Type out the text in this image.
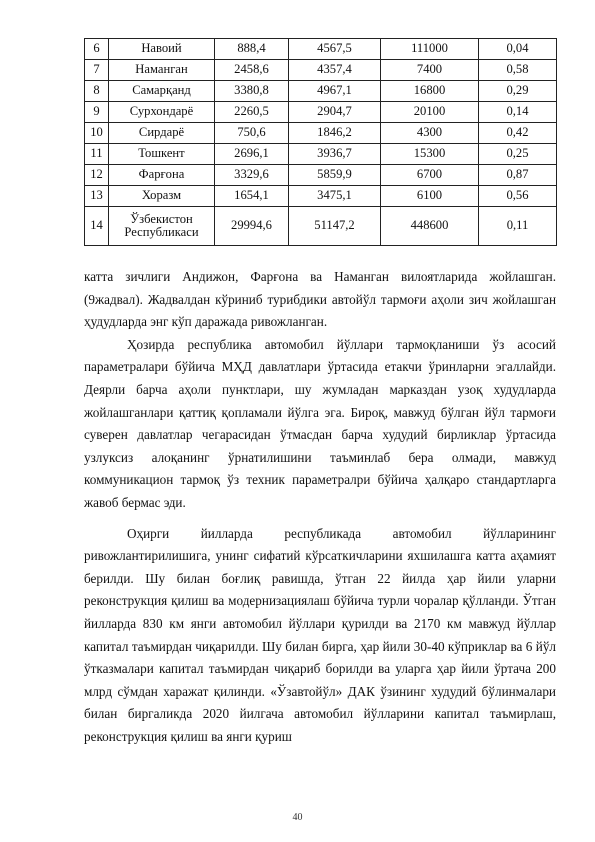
6	Навоий	888,4	4567,5	111000	0,04
7	Наманган	2458,6	4357,4	7400	0,58
8	Самарқанд	3380,8	4967,1	16800	0,29
9	Сурхондарё	2260,5	2904,7	20100	0,14
10	Сирдарё	750,6	1846,2	4300	0,42
11	Тошкент	2696,1	3936,7	15300	0,25
12	Фарғона	3329,6	5859,9	6700	0,87
13	Хоразм	1654,1	3475,1	6100	0,56
14	Ўзбекистон Республикаси	29994,6	51147,2	448600	0,11

катта зичлиги Андижон, Фарғона ва Наманган вилоятларида жойлашган. (9жадвал). Жадвалдан кўриниб турибдики автойўл тармоғи аҳоли зич жойлашган ҳудудларда энг кўп даражада ривожланган.

Ҳозирда республика автомобил йўллари тармоқланиши ўз асосий параметралари бўйича МҲД давлатлари ўртасида етакчи ўринларни эгаллайди. Деярли барча аҳоли пунктлари, шу жумладан марказдан узоқ худудларда жойлашганлари қаттиқ қопламали йўлга эга. Бироқ, мавжуд бўлган йўл тармоғи суверен давлатлар чегарасидан ўтмасдан барча худудий бирликлар ўртасида узлуксиз алоқанинг ўрнатилишини таъминлаб бера олмади, мавжуд коммуникацион тармоқ ўз техник параметралри бўйича ҳалқаро стандартларга жавоб бермас эди.

Оҳирги йилларда республикада автомобил йўлларининг ривожлантирилишига, унинг сифатий кўрсаткичларини яхшилашга катта аҳамият берилди. Шу билан боғлиқ равишда, ўтган 22 йилда ҳар йили уларни реконструкция қилиш ва модернизациялаш бўйича турли чоралар қўлланди. Ўтган йилларда 830 км янги автомобил йўллари қурилди ва 2170 км мавжуд йўллар капитал таъмирдан чиқарилди. Шу билан бирга, ҳар йили 30-40 кўприклар ва 6 йўл ўтказмалари капитал таъмирдан чиқариб борилди ва уларга ҳар йили ўртача 200 млрд сўмдан харажат қилинди. «Ўзавтойўл» ДАК ўзининг худудий бўлинмалари билан биргаликда 2020 йилгача автомобил йўлларини капитал таъмирлаш, реконструкция қилиш ва янги қуриш

40
